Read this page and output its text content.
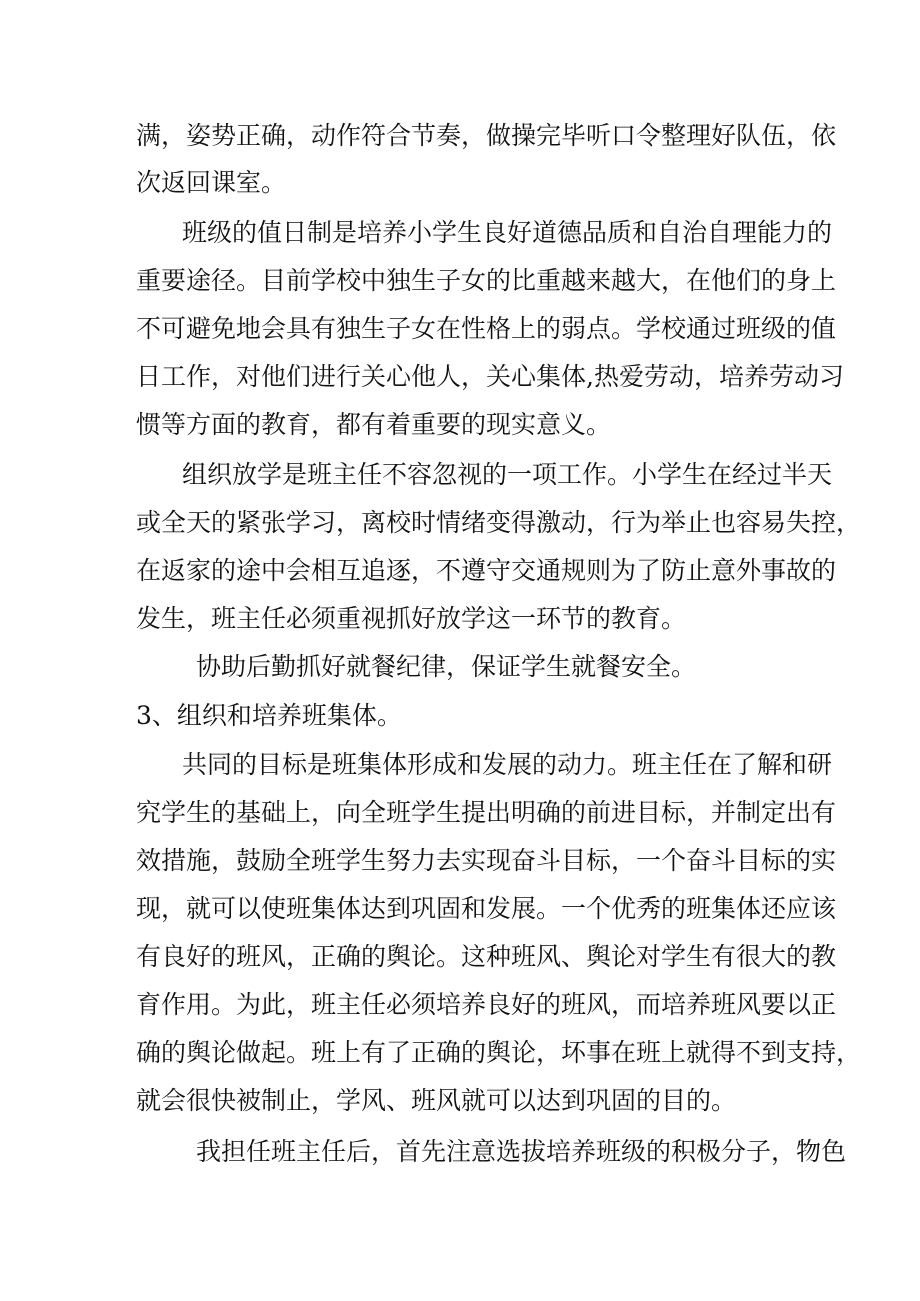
满，姿势正确，动作符合节奏，做操完毕听口令整理好队伍，依
次返回课室。
班级的值日制是培养小学生良好道德品质和自治自理能力的
重要途径。目前学校中独生子女的比重越来越大，在他们的身上
不可避免地会具有独生子女在性格上的弱点。学校通过班级的值
日工作，对他们进行关心他人，关心集体,热爱劳动，培养劳动习
惯等方面的教育，都有着重要的现实意义。
组织放学是班主任不容忽视的一项工作。小学生在经过半天
或全天的紧张学习，离校时情绪变得激动，行为举止也容易失控，
在返家的途中会相互追逐，不遵守交通规则为了防止意外事故的
发生，班主任必须重视抓好放学这一环节的教育。
协助后勤抓好就餐纪律，保证学生就餐安全。
3、组织和培养班集体。
共同的目标是班集体形成和发展的动力。班主任在了解和研
究学生的基础上，向全班学生提出明确的前进目标，并制定出有
效措施，鼓励全班学生努力去实现奋斗目标，一个奋斗目标的实
现，就可以使班集体达到巩固和发展。一个优秀的班集体还应该
有良好的班风，正确的舆论。这种班风、舆论对学生有很大的教
育作用。为此，班主任必须培养良好的班风，而培养班风要以正
确的舆论做起。班上有了正确的舆论，坏事在班上就得不到支持，
就会很快被制止，学风、班风就可以达到巩固的目的。
我担任班主任后，首先注意选拔培养班级的积极分子，物色
